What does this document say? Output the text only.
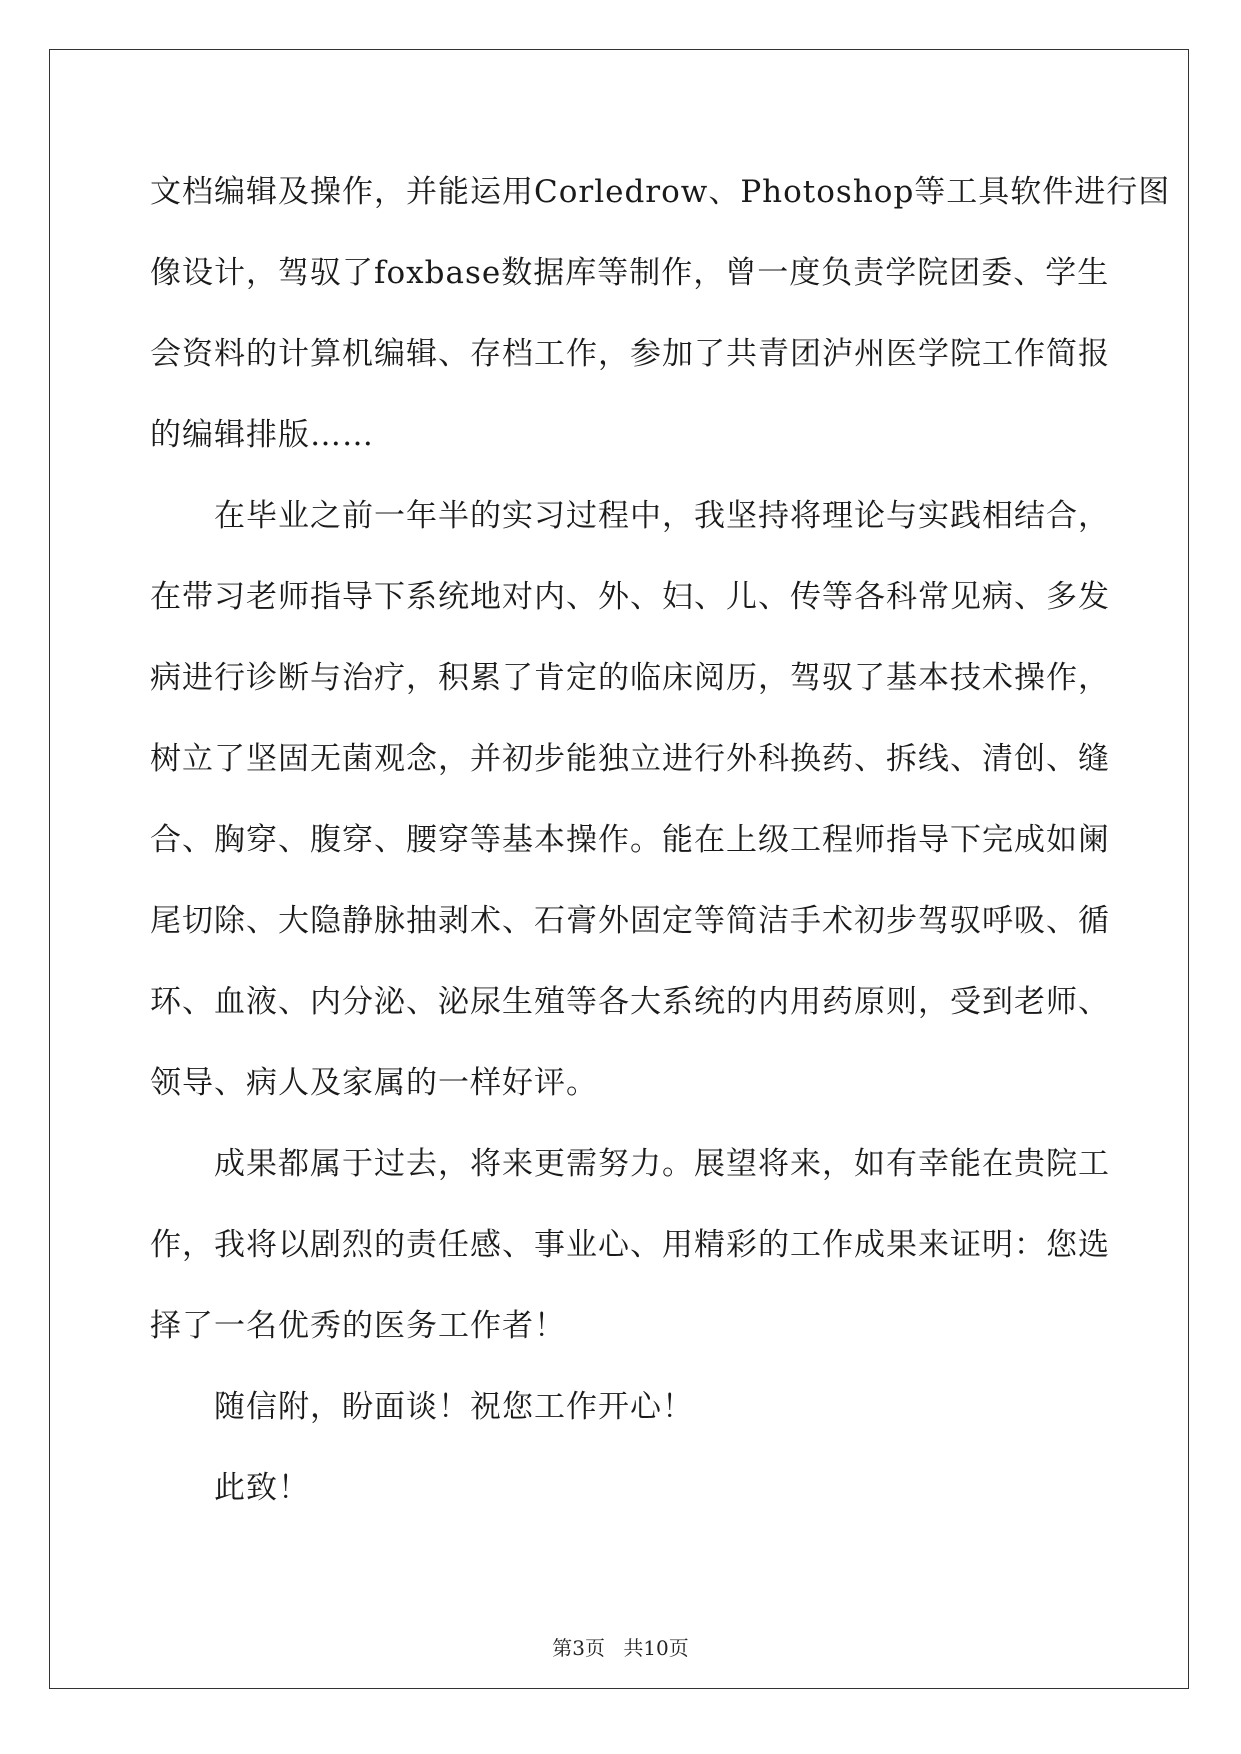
文档编辑及操作，并能运用Corledrow、Photoshop等工具软件进行图
像设计，驾驭了foxbase数据库等制作，曾一度负责学院团委、学生
会资料的计算机编辑、存档工作，参加了共青团泸州医学院工作简报
的编辑排版……

在毕业之前一年半的实习过程中，我坚持将理论与实践相结合，
在带习老师指导下系统地对内、外、妇、儿、传等各科常见病、多发
病进行诊断与治疗，积累了肯定的临床阅历，驾驭了基本技术操作，
树立了坚固无菌观念，并初步能独立进行外科换药、拆线、清创、缝
合、胸穿、腹穿、腰穿等基本操作。能在上级工程师指导下完成如阑
尾切除、大隐静脉抽剥术、石膏外固定等简洁手术初步驾驭呼吸、循
环、血液、内分泌、泌尿生殖等各大系统的内用药原则，受到老师、
领导、病人及家属的一样好评。

成果都属于过去，将来更需努力。展望将来，如有幸能在贵院工
作，我将以剧烈的责任感、事业心、用精彩的工作成果来证明：您选
择了一名优秀的医务工作者！

随信附，盼面谈！祝您工作开心！

此致！

第3页 共10页
